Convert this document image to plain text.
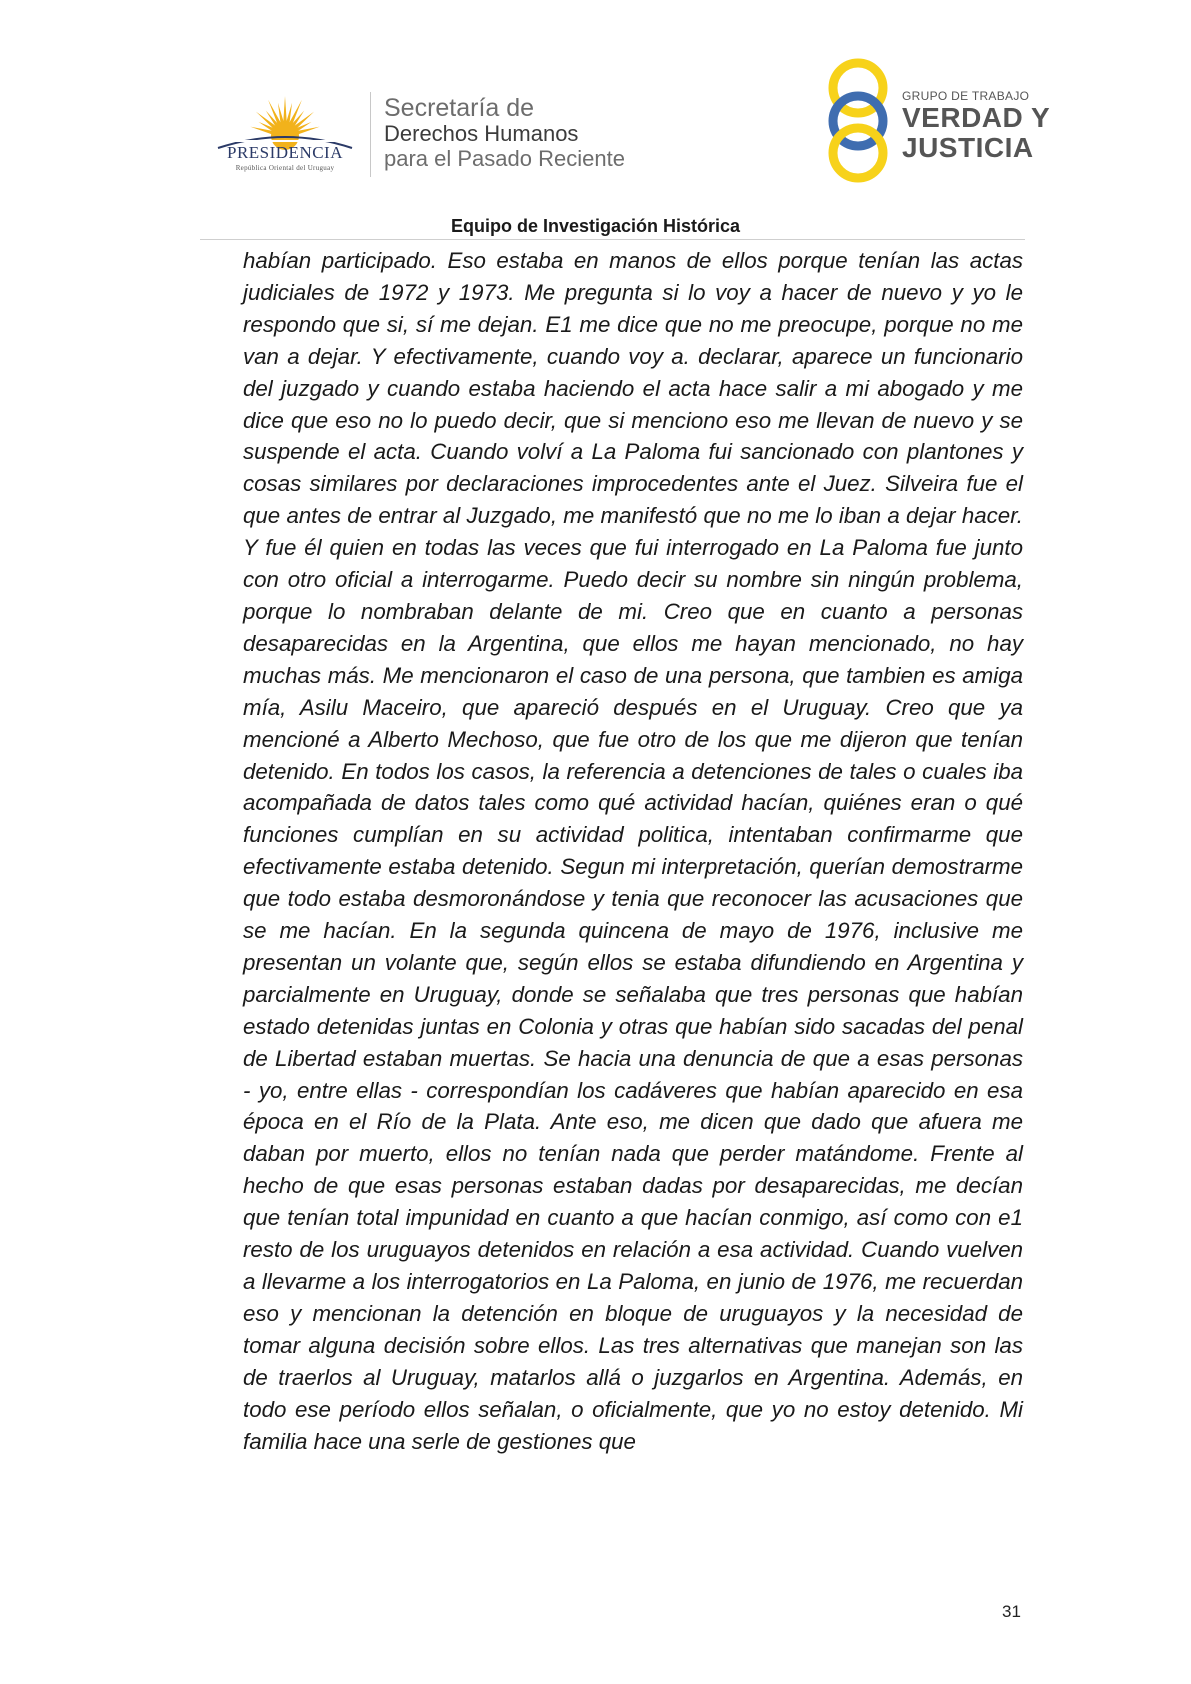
PRESIDENCIA
República Oriental del Uruguay
Secretaría de
Derechos Humanos
para el Pasado Reciente
GRUPO DE TRABAJO
VERDAD Y
JUSTICIA
Equipo de Investigación Histórica
habían participado. Eso estaba en manos de ellos porque tenían las actas judiciales de 1972 y 1973. Me pregunta si lo voy a hacer de nuevo y yo le respondo que si, sí me dejan. E1 me dice que no me preocupe, porque no me van a dejar. Y efectivamente, cuando voy a. declarar, aparece un funcionario del juzgado y cuando estaba haciendo el acta hace salir a mi abogado y me dice que eso no lo puedo decir, que si menciono eso me llevan de nuevo y se suspende el acta. Cuando volví a La Paloma fui sancionado con plantones y cosas similares por declaraciones improcedentes ante el Juez. Silveira fue el que antes de entrar al Juzgado, me manifestó que no me lo iban a dejar hacer. Y fue él quien en todas las veces que fui interrogado en La Paloma fue junto con otro oficial a interrogarme. Puedo decir su nombre sin ningún problema, porque lo nombraban delante de mi. Creo que en cuanto a personas desaparecidas en la Argentina, que ellos me hayan mencionado, no hay muchas más. Me mencionaron el caso de una persona, que tambien es amiga mía, Asilu Maceiro, que apareció después en el Uruguay. Creo que ya mencioné a Alberto Mechoso, que fue otro de los que me dijeron que tenían detenido. En todos los casos, la referencia a detenciones de tales o cuales iba acompañada de datos tales como qué actividad hacían, quiénes eran o qué funciones cumplían en su actividad politica, intentaban confirmarme que efectivamente estaba detenido. Segun mi interpretación, querían demostrarme que todo estaba desmoronándose y tenia que reconocer las acusaciones que se me hacían. En la segunda quincena de mayo de 1976, inclusive me presentan un volante que, según ellos se estaba difundiendo en Argentina y parcialmente en Uruguay, donde se señalaba que tres personas que habían estado detenidas juntas en Colonia y otras que habían sido sacadas del penal de Libertad estaban muertas. Se hacia una denuncia de que a esas personas - yo, entre ellas - correspondían los cadáveres que habían aparecido en esa época en el Río de la Plata. Ante eso, me dicen que dado que afuera me daban por muerto, ellos no tenían nada que perder matándome. Frente al hecho de que esas personas estaban dadas por desaparecidas, me decían que tenían total impunidad en cuanto a que hacían conmigo, así como con e1 resto de los uruguayos detenidos en relación a esa actividad. Cuando vuelven a llevarme a los interrogatorios en La Paloma, en junio de 1976, me recuerdan eso y mencionan la detención en bloque de uruguayos y la necesidad de tomar alguna decisión sobre ellos. Las tres alternativas que manejan son las de traerlos al Uruguay, matarlos allá o juzgarlos en Argentina. Además, en todo ese período ellos señalan, o oficialmente, que yo no estoy detenido. Mi familia hace una serle de gestiones que
31
